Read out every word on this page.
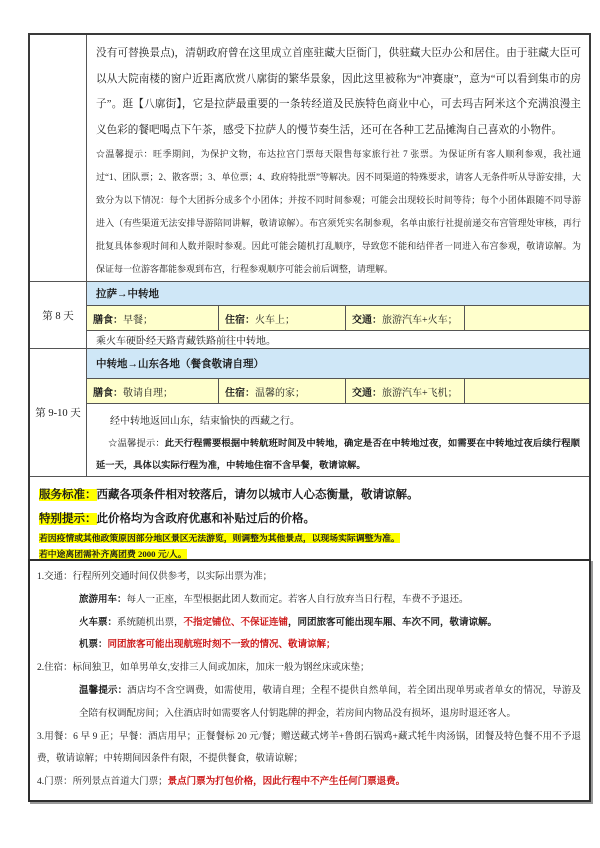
没有可替换景点)，清朝政府曾在这里成立首座驻藏大臣衙门，供驻藏大臣办公和居住。由于驻藏大臣可以从大院南楼的窗户近距离欣赏八廓街的繁华景象，因此这里被称为“冲赛康”，意为“可以看到集市的房子”。逛【八廓街】，它是拉萨最重要的一条转经道及民族特色商业中心，可去玛吉阿米这个充满浪漫主义色彩的餐吧喝点下午茶，感受下拉萨人的慢节奏生活，还可在各种工艺品摊淘自己喜欢的小物件。
☆温馨提示：旺季期间，为保护文物，布达拉宫门票每天限售每家旅行社 7 张票。为保证所有客人顺利参观，我社通过“1、团队票；2、散客票；3、单位票；4、政府特批票”等解决。因不同渠道的特殊要求，请客人无条件听从导游安排，大致分为以下情况：每个大团拆分成多个小团体；并按不同时间参观；可能会出现较长时间等待；每个小团体跟随不同导游进入（有些渠道无法安排导游陪同讲解，敬请谅解）。布宫须凭实名制参观，名单由旅行社提前递交布宫管理处审核，再行批复具体参观时间和人数并限时参观。因此可能会随机打乱顺序，导致您不能和结伴者一同进入布宫参观，敬请谅解。为保证每一位游客都能参观到布宫，行程参观顺序可能会前后调整，请理解。
第 8 天
拉萨→中转地
膳食： 早餐；	住宿： 火车上；	交通： 旅游汽车+火车；
乘火车硬卧经天路青藏铁路前往中转地。
第 9-10 天
中转地→山东各地（餐食敬请自理）
膳食： 敬请自理；	住宿： 温馨的家；	交通： 旅游汽车+飞机；
经中转地返回山东，结束愉快的西藏之行。
☆温馨提示：此天行程需要根据中转航班时间及中转地，确定是否在中转地过夜，如需要在中转地过夜后续行程顺延一天，具体以实际行程为准，中转地住宿不含早餐，敬请谅解。
服务标准：西藏各项条件相对较落后，请勿以城市人心态衡量，敬请谅解。
特别提示：此价格均为含政府优惠和补贴过后的价格。
若因疫情或其他政策原因部分地区景区无法游览，则调整为其他景点，以现场实际调整为准。
若中途离团需补齐离团费 2000 元/人。

1.交通：行程所列交通时间仅供参考，以实际出票为准；

旅游用车：每人一正座，车型根据此团人数而定。若客人自行放弃当日行程，车费不予退还。

火车票：系统随机出票，不指定铺位、不保证连铺，同团旅客可能出现车厢、车次不同，敬请谅解。

机票：同团旅客可能出现航班时刻不一致的情况、敬请谅解；

2.住宿：标间独卫，如单男单女,安排三人间或加床，加床一般为钢丝床或床垫；

温馨提示：酒店均不含空调费，如需使用，敬请自理；全程不提供自然单间，若全团出现单男或者单女的情况，导游及全陪有权调配房间；入住酒店时如需要客人付钥匙牌的押金，若房间内物品没有损坏，退房时退还客人。

3.用餐：6 早 9 正；早餐：酒店用早；正餐餐标 20 元/餐；赠送藏式烤羊+鲁朗石锅鸡+藏式牦牛肉汤锅，团餐及特色餐不用不予退费，敬请谅解；中转期间因条件有限，不提供餐食，敬请谅解；

4.门票：所列景点首道大门票；景点门票为打包价格，因此行程中不产生任何门票退费。
